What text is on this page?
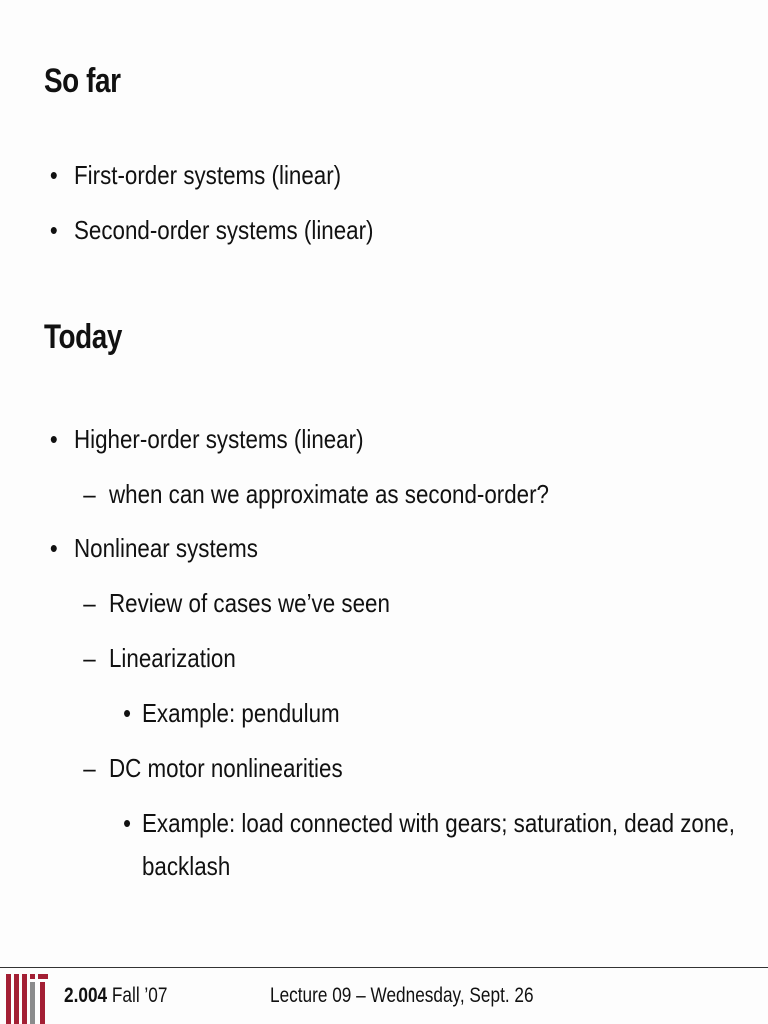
So far
• First-order systems (linear)
• Second-order systems (linear)
Today
• Higher-order systems (linear)
– when can we approximate as second-order?
• Nonlinear systems
– Review of cases we’ve seen
– Linearization
• Example: pendulum
– DC motor nonlinearities
• Example: load connected with gears; saturation, dead zone,
backlash
2.004 Fall ’07	Lecture 09 – Wednesday, Sept. 26
